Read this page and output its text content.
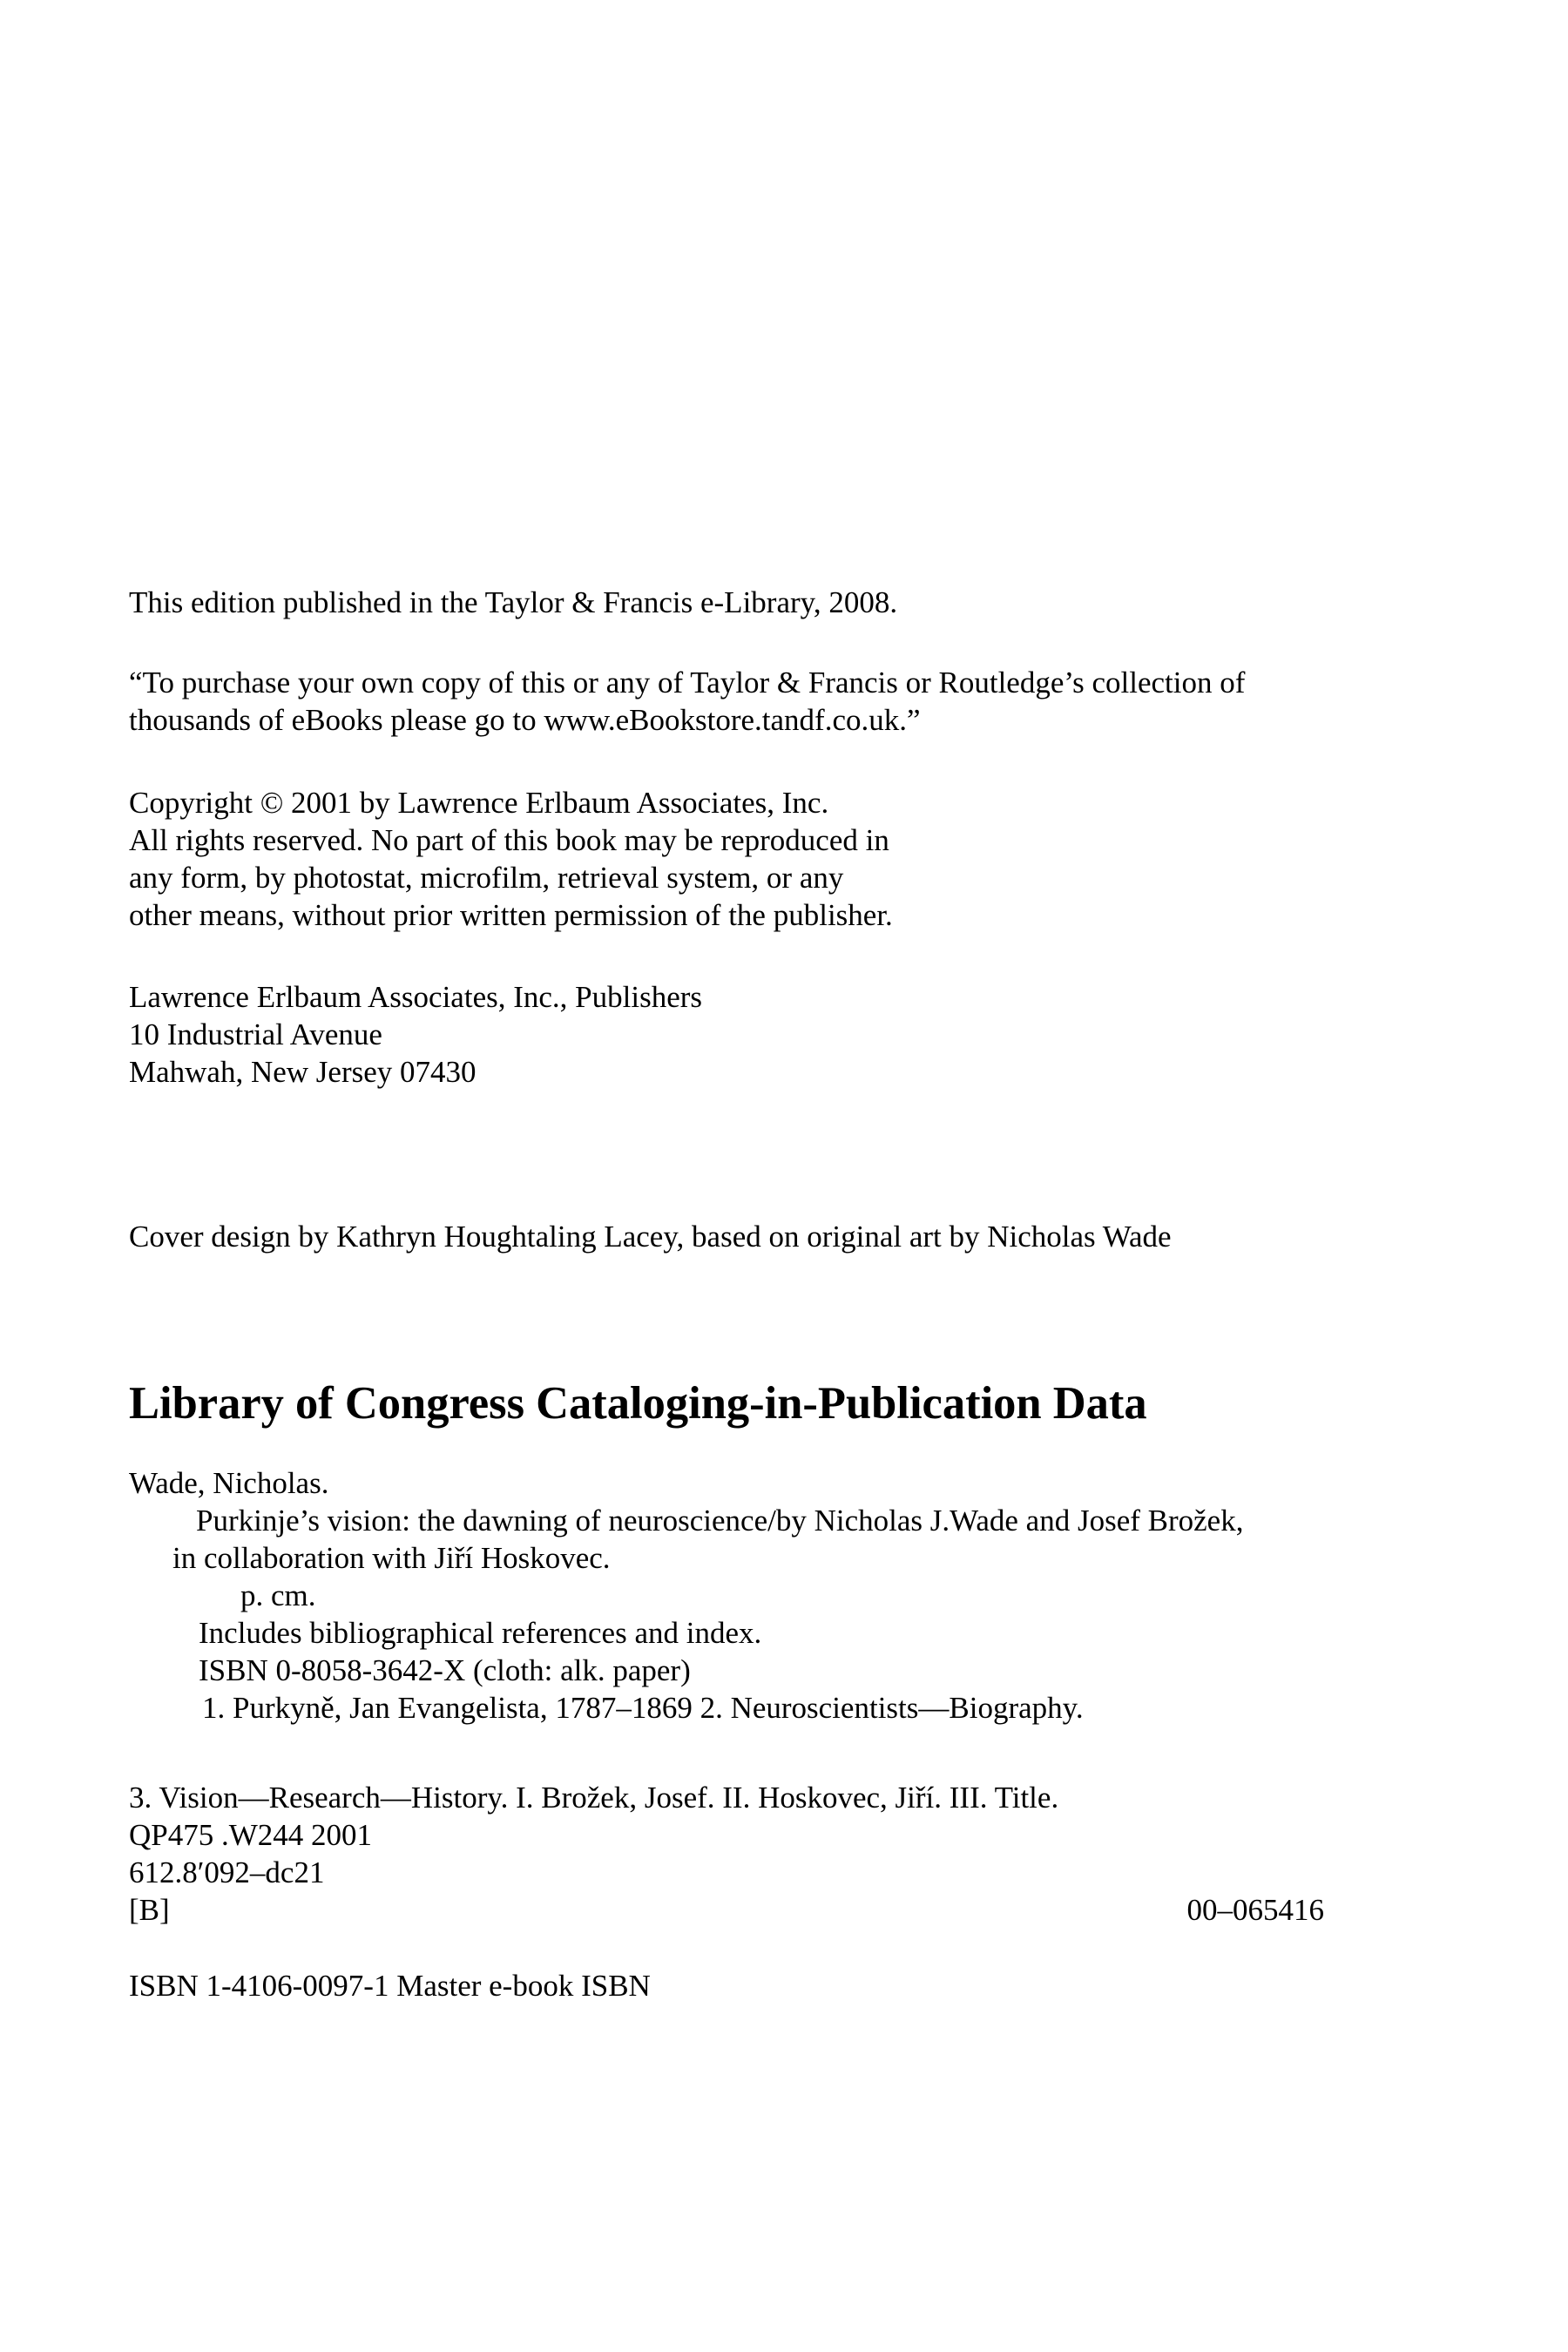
This edition published in the Taylor & Francis e-Library, 2008.
“To purchase your own copy of this or any of Taylor & Francis or Routledge’s collection of
thousands of eBooks please go to www.eBookstore.tandf.co.uk.”
Copyright © 2001 by Lawrence Erlbaum Associates, Inc.
All rights reserved. No part of this book may be reproduced in
any form, by photostat, microfilm, retrieval system, or any
other means, without prior written permission of the publisher.
Lawrence Erlbaum Associates, Inc., Publishers
10 Industrial Avenue
Mahwah, New Jersey 07430
Cover design by Kathryn Houghtaling Lacey, based on original art by Nicholas Wade
Library of Congress Cataloging-in-Publication Data
Wade, Nicholas.
Purkinje’s vision: the dawning of neuroscience/by Nicholas J.Wade and Josef Brožek,
in collaboration with Jiří Hoskovec.
p. cm.
Includes bibliographical references and index.
ISBN 0-8058-3642-X (cloth: alk. paper)
1. Purkyně, Jan Evangelista, 1787–1869 2. Neuroscientists—Biography.
3. Vision—Research—History. I. Brožek, Josef. II. Hoskovec, Jiří. III. Title.
QP475 .W244 2001
612.8′092–dc21
[B]	00–065416
ISBN 1-4106-0097-1 Master e-book ISBN
